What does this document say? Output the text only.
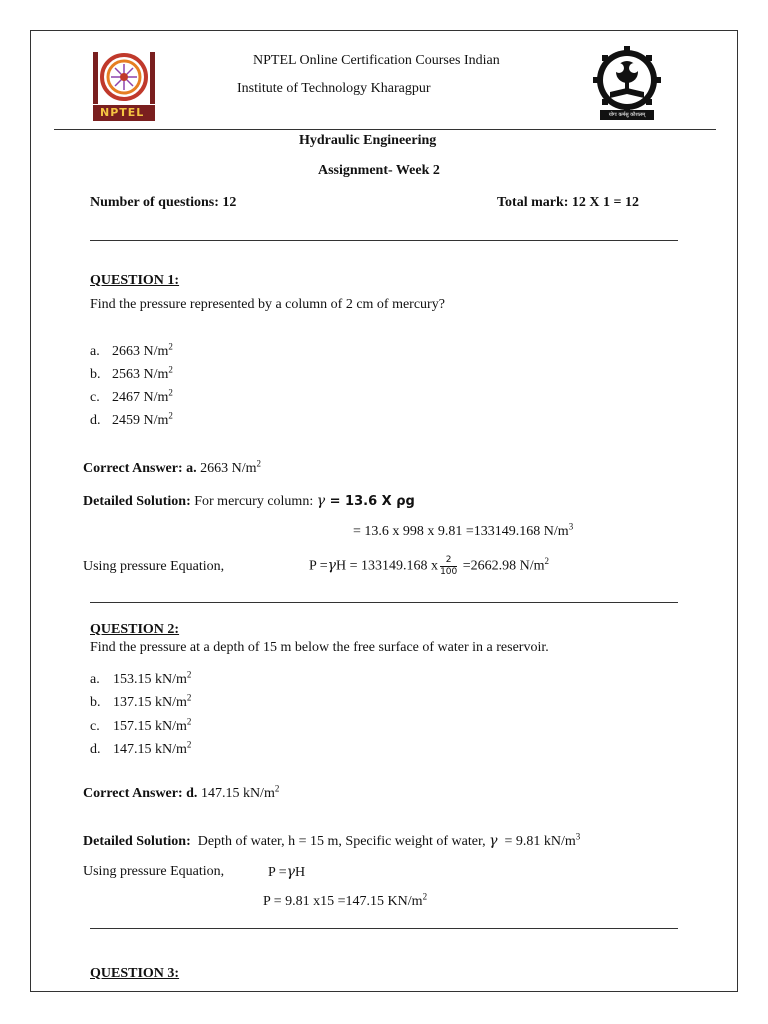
NPTEL
NPTEL Online Certification Courses Indian
Institute of Technology Kharagpur
योगः कर्मसु कौशलम्
Hydraulic Engineering
Assignment- Week 2
Number of questions: 12	Total mark: 12 X 1 = 12
QUESTION 1:
Find the pressure represented by a column of 2 cm of mercury?
a. 2663 $N/m^2$
b. 2563 $N/m^2$
c. 2467 $N/m^2$
d. 2459 $N/m^2$
Correct Answer: a. 2663 $N/m^2$
Detailed Solution: For mercury column: γ = 13.6 X ρg
= 13.6 x 998 x 9.81 =133149.168 $N/m^3$
Using pressure Equation,	P =γH = 133149.168 x $\frac{2}{100} =2662.98$ $N/m^2$
QUESTION 2:
Find the pressure at a depth of 15 m below the free surface of water in a reservoir.
a. 153.15 $kN/m^2$
b. 137.15 $kN/m^2$
c. 157.15 $kN/m^2$
d. 147.15 $kN/m^2$
Correct Answer: d. 147.15 $kN/m^2$
Detailed Solution:  Depth of water, h = 15 m, Specific weight of water, γ  = 9.81 $kN/m^3$
Using pressure Equation,	P =γH
P = 9.81 x15 =147.15 $KN/m^2$
QUESTION 3:
